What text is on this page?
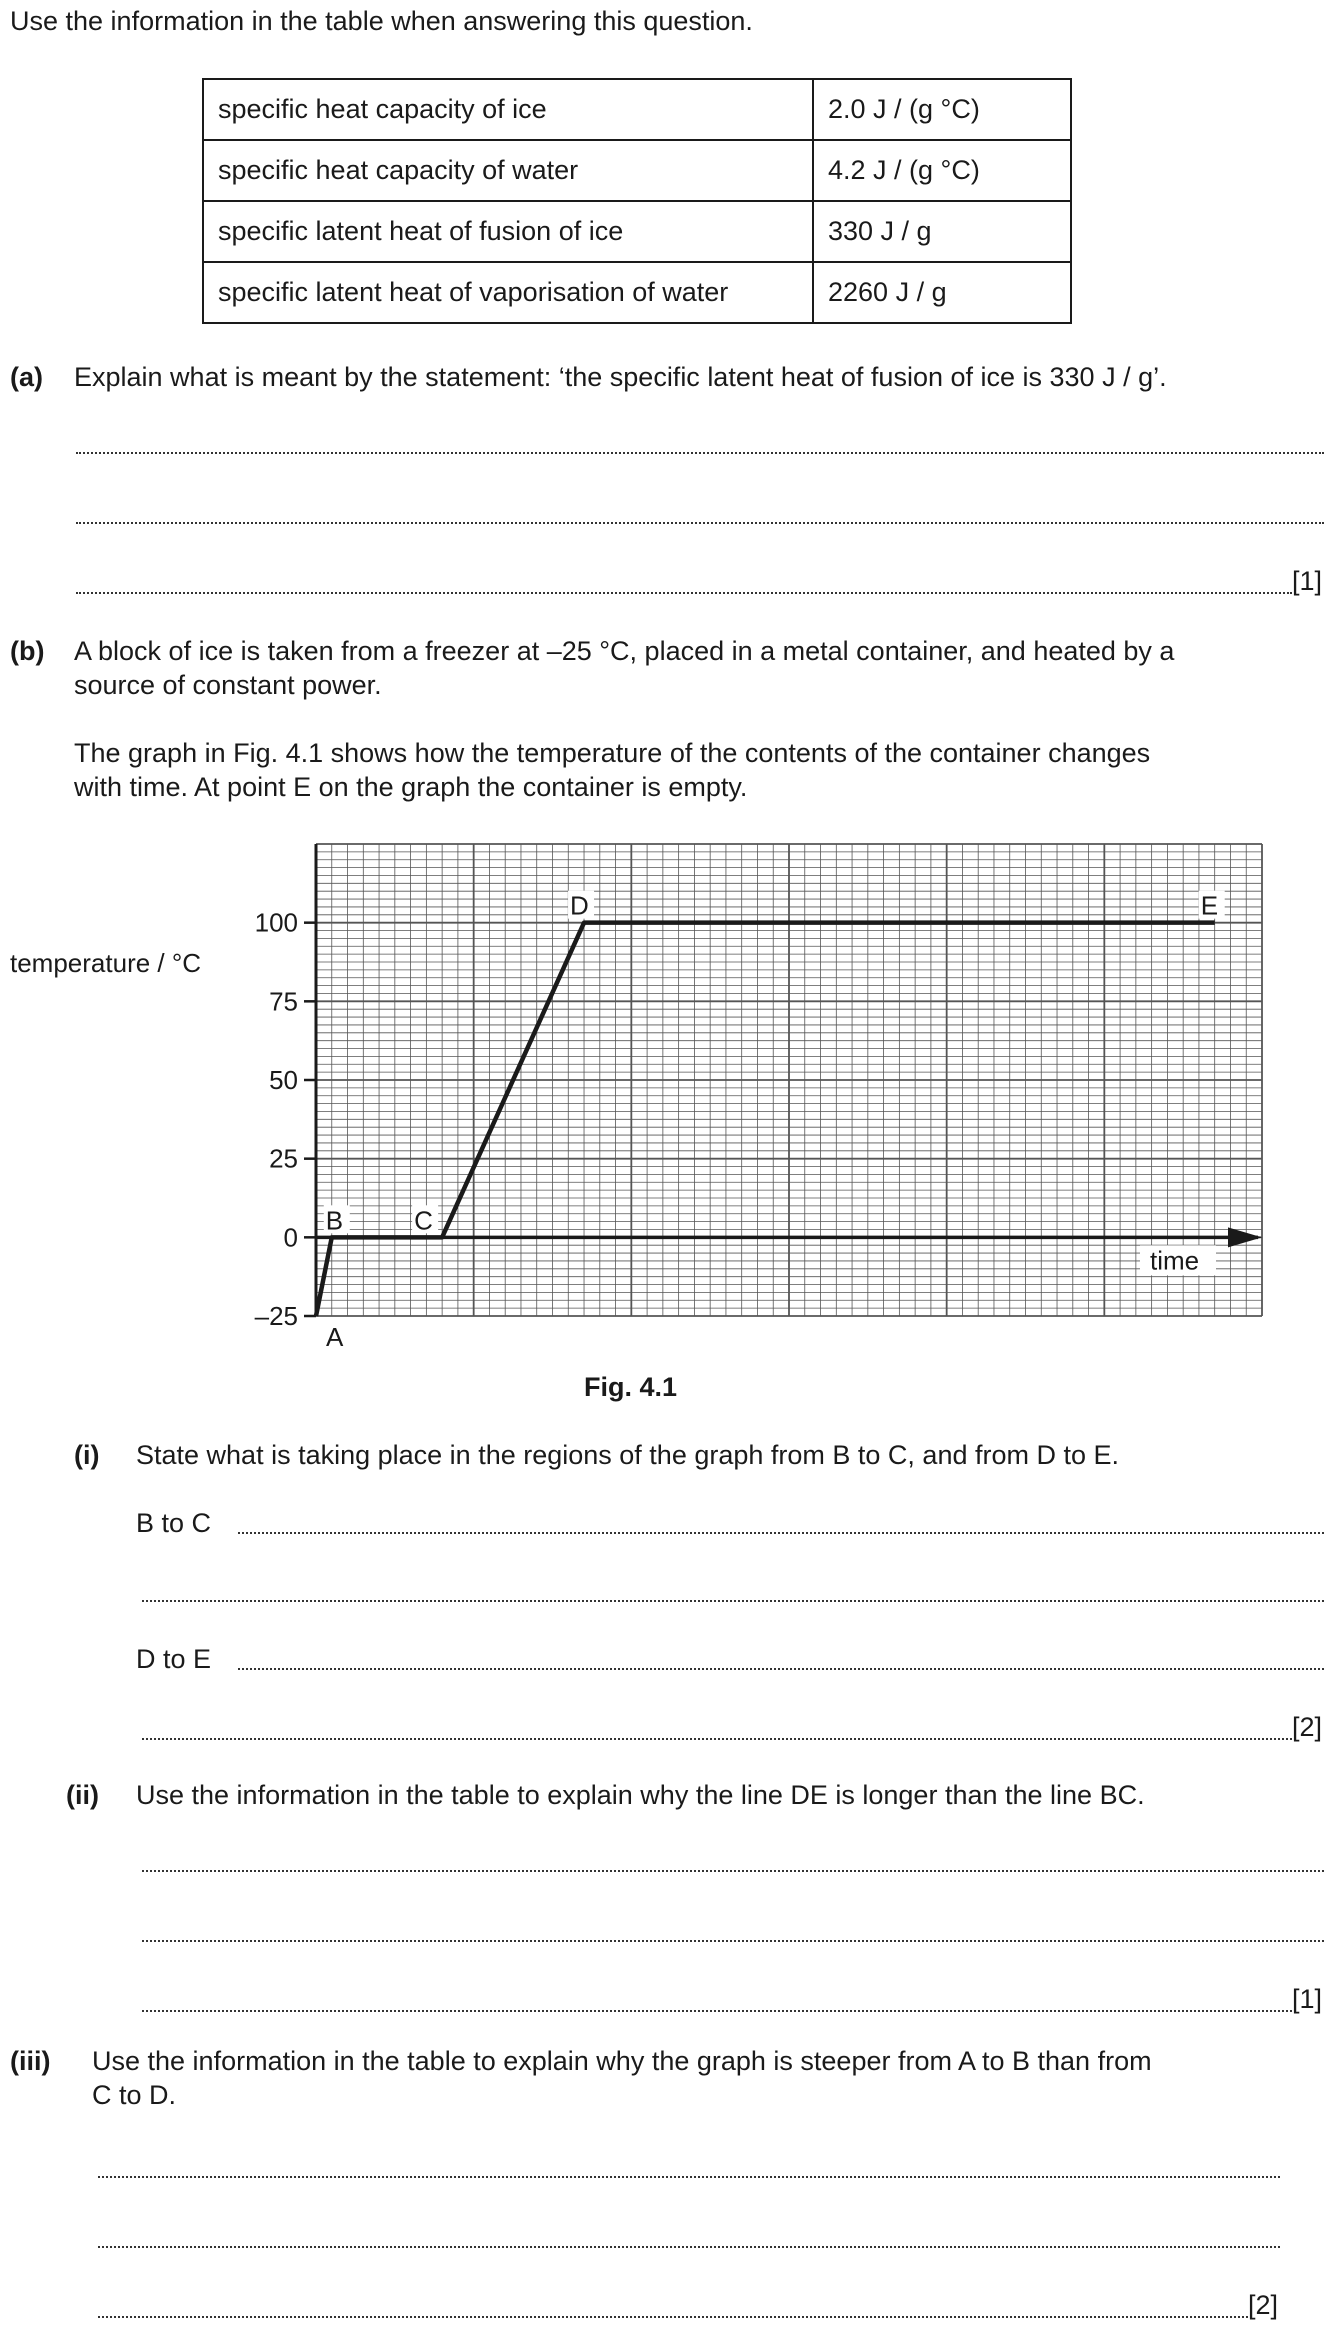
Use the information in the table when answering this question.
specific heat capacity of ice	2.0 J / (g °C)
specific heat capacity of water	4.2 J / (g °C)
specific latent heat of fusion of ice	330 J / g
specific latent heat of vaporisation of water	2260 J / g
(a) Explain what is meant by the statement: ‘the specific latent heat of fusion of ice is 330 J / g’.
[1]
(b) A block of ice is taken from a freezer at –25 °C, placed in a metal container, and heated by a
source of constant power.
The graph in Fig. 4.1 shows how the temperature of the contents of the container changes
with time. At point E on the graph the container is empty.
time
100
75
50
25
0
–25
A
B	C
D	E
temperature / °C
Fig. 4.1
(i) State what is taking place in the regions of the graph from B to C, and from D to E.
B to C
D to E
[2]
(ii) Use the information in the table to explain why the line DE is longer than the line BC.
[1]
(iii) Use the information in the table to explain why the graph is steeper from A to B than from
C to D.
[2]
